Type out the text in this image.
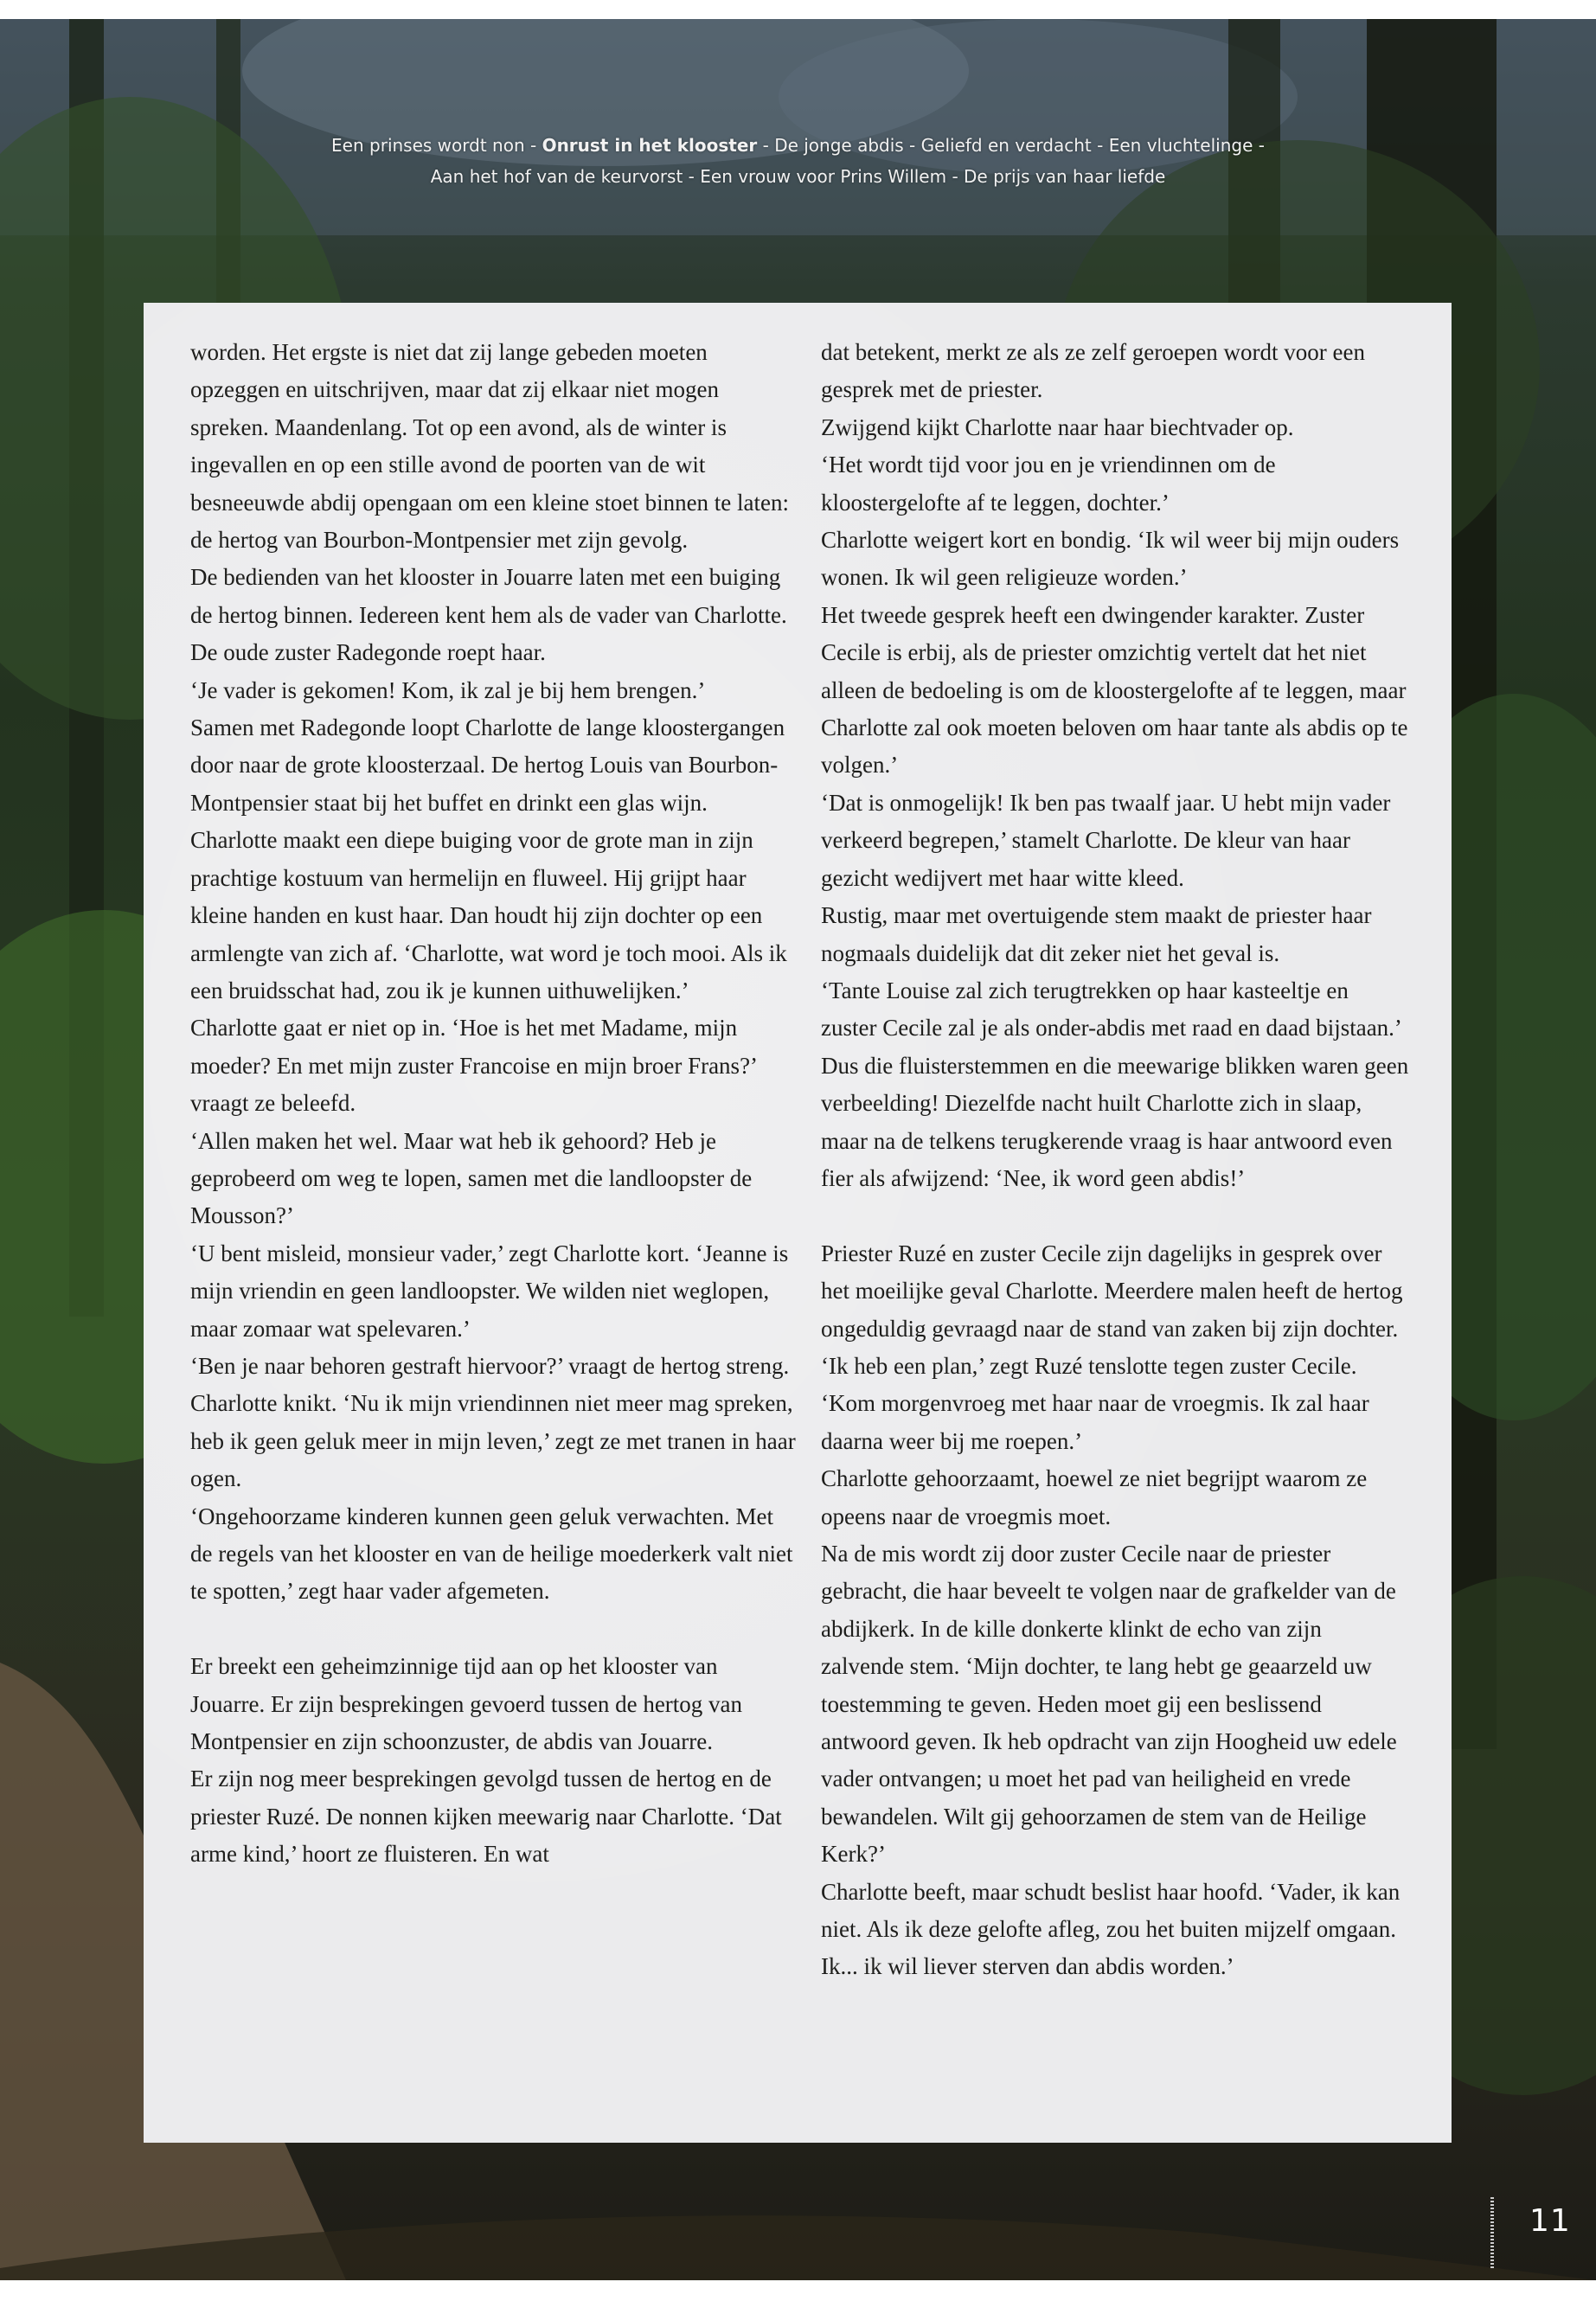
Een prinses wordt non - Onrust in het klooster - De jonge abdis - Geliefd en verdacht - Een vluchtelinge -
Aan het hof van de keurvorst - Een vrouw voor Prins Willem - De prijs van haar liefde

worden. Het ergste is niet dat zij lange gebeden moeten opzeggen en uitschrijven, maar dat zij elkaar niet mogen spreken. Maandenlang. Tot op een avond, als de winter is ingevallen en op een stille avond de poorten van de wit besneeuwde abdij opengaan om een kleine stoet binnen te laten: de hertog van Bourbon-Montpensier met zijn gevolg.

De bedienden van het klooster in Jouarre laten met een buiging de hertog binnen. Iedereen kent hem als de vader van Charlotte. De oude zuster Radegonde roept haar.

‘Je vader is gekomen! Kom, ik zal je bij hem brengen.’

Samen met Radegonde loopt Charlotte de lange kloostergangen door naar de grote kloosterzaal. De hertog Louis van Bourbon-Montpensier staat bij het buffet en drinkt een glas wijn. Charlotte maakt een diepe buiging voor de grote man in zijn prachtige kostuum van hermelijn en fluweel. Hij grijpt haar kleine handen en kust haar. Dan houdt hij zijn dochter op een armlengte van zich af. ‘Charlotte, wat word je toch mooi. Als ik een bruidsschat had, zou ik je kunnen uithuwelijken.’

Charlotte gaat er niet op in. ‘Hoe is het met Madame, mijn moeder? En met mijn zuster Francoise en mijn broer Frans?’ vraagt ze beleefd.

‘Allen maken het wel. Maar wat heb ik gehoord? Heb je geprobeerd om weg te lopen, samen met die landloopster de Mousson?’

‘U bent misleid, monsieur vader,’ zegt Charlotte kort. ‘Jeanne is mijn vriendin en geen landloopster. We wilden niet weglopen, maar zomaar wat spelevaren.’

‘Ben je naar behoren gestraft hiervoor?’ vraagt de hertog streng.

Charlotte knikt. ‘Nu ik mijn vriendinnen niet meer mag spreken, heb ik geen geluk meer in mijn leven,’ zegt ze met tranen in haar ogen.

‘Ongehoorzame kinderen kunnen geen geluk verwachten. Met de regels van het klooster en van de heilige moederkerk valt niet te spotten,’ zegt haar vader afgemeten.

Er breekt een geheimzinnige tijd aan op het klooster van Jouarre. Er zijn besprekingen gevoerd tussen de hertog van Montpensier en zijn schoonzuster, de abdis van Jouarre.

Er zijn nog meer besprekingen gevolgd tussen de hertog en de priester Ruzé. De nonnen kijken meewarig naar Charlotte. ‘Dat arme kind,’ hoort ze fluisteren. En wat

dat betekent, merkt ze als ze zelf geroepen wordt voor een gesprek met de priester.

Zwijgend kijkt Charlotte naar haar biechtvader op.

‘Het wordt tijd voor jou en je vriendinnen om de kloostergelofte af te leggen, dochter.’

Charlotte weigert kort en bondig. ‘Ik wil weer bij mijn ouders wonen. Ik wil geen religieuze worden.’

Het tweede gesprek heeft een dwingender karakter. Zuster Cecile is erbij, als de priester omzichtig vertelt dat het niet alleen de bedoeling is om de kloostergelofte af te leggen, maar Charlotte zal ook moeten beloven om haar tante als abdis op te volgen.’

‘Dat is onmogelijk! Ik ben pas twaalf jaar. U hebt mijn vader verkeerd begrepen,’ stamelt Charlotte. De kleur van haar gezicht wedijvert met haar witte kleed.

Rustig, maar met overtuigende stem maakt de priester haar nogmaals duidelijk dat dit zeker niet het geval is.

‘Tante Louise zal zich terugtrekken op haar kasteeltje en zuster Cecile zal je als onder-abdis met raad en daad bijstaan.’

Dus die fluisterstemmen en die meewarige blikken waren geen verbeelding! Diezelfde nacht huilt Charlotte zich in slaap, maar na de telkens terugkerende vraag is haar antwoord even fier als afwijzend: ‘Nee, ik word geen abdis!’

Priester Ruzé en zuster Cecile zijn dagelijks in gesprek over het moeilijke geval Charlotte. Meerdere malen heeft de hertog ongeduldig gevraagd naar de stand van zaken bij zijn dochter. ‘Ik heb een plan,’ zegt Ruzé tenslotte tegen zuster Cecile. ‘Kom morgenvroeg met haar naar de vroegmis. Ik zal haar daarna weer bij me roepen.’

Charlotte gehoorzaamt, hoewel ze niet begrijpt waarom ze opeens naar de vroegmis moet.

Na de mis wordt zij door zuster Cecile naar de priester gebracht, die haar beveelt te volgen naar de grafkelder van de abdijkerk. In de kille donkerte klinkt de echo van zijn zalvende stem. ‘Mijn dochter, te lang hebt ge geaarzeld uw toestemming te geven. Heden moet gij een beslissend antwoord geven. Ik heb opdracht van zijn Hoogheid uw edele vader ontvangen; u moet het pad van heiligheid en vrede bewandelen. Wilt gij gehoorzamen de stem van de Heilige Kerk?’

Charlotte beeft, maar schudt beslist haar hoofd. ‘Vader, ik kan niet. Als ik deze gelofte afleg, zou het buiten mijzelf omgaan. Ik... ik wil liever sterven dan abdis worden.’

11
